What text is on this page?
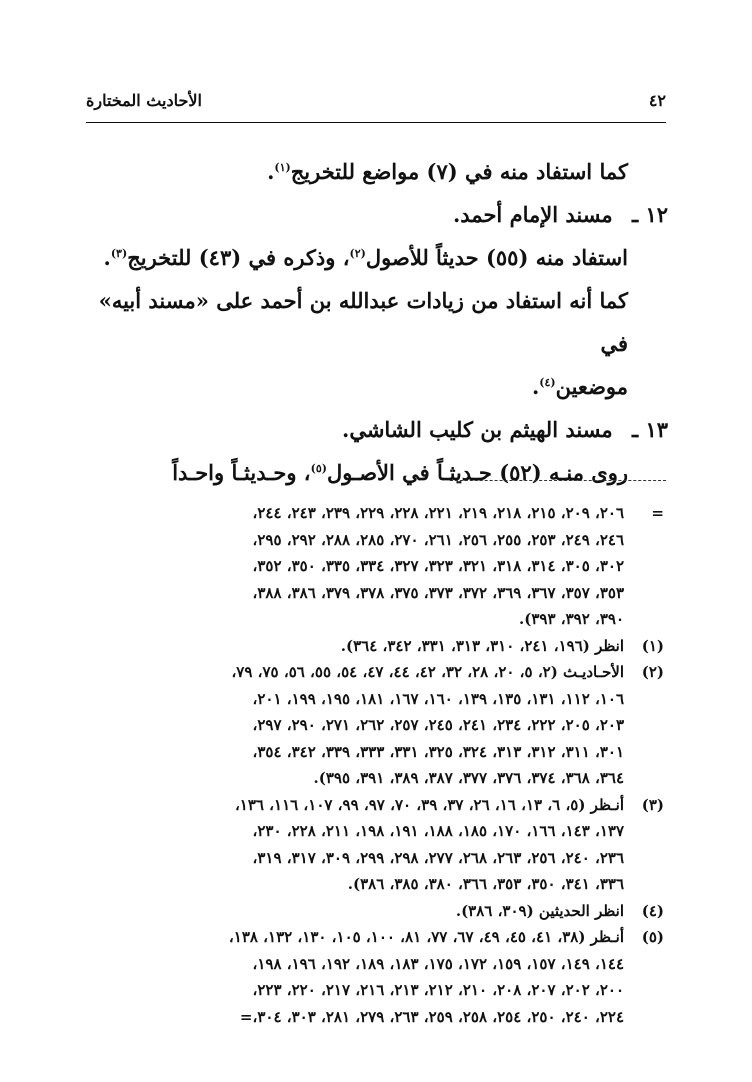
الأحاديث المختارة	٤٢

كما استفاد منه في (٧) مواضع للتخريج$^{(١)}$.

١٢ ـ مسند الإمام أحمد.

استفاد منه (٥٥) حديثاً للأصول$^{(٢)}$، وذكره في (٤٣) للتخريج$^{(٣)}$.

كما أنه استفاد من زيادات عبدالله بن أحمد على «مسند أبيه» في

موضعين$^{(٤)}$.

١٣ ـ مسند الهيثم بن كليب الشاشي.

روى منـه (٥٢) حـديثـاً في الأصـول$^{(٥)}$، وحـديثـاً واحـداً

=
٢٠٦، ٢٠٩، ٢١٥، ٢١٨، ٢١٩، ٢٢١، ٢٢٨، ٢٢٩، ٢٣٩، ٢٤٣، ٢٤٤،
٢٤٦، ٢٤٩، ٢٥٣، ٢٥٥، ٢٥٦، ٢٦١، ٢٧٠، ٢٨٥، ٢٨٨، ٢٩٢، ٢٩٥،
٣٠٢، ٣٠٥، ٣١٤، ٣١٨، ٣٢١، ٣٢٣، ٣٢٧، ٣٣٤، ٣٣٥، ٣٥٠، ٣٥٢،
٣٥٣، ٣٥٧، ٣٦٧، ٣٦٩، ٣٧٢، ٣٧٣، ٣٧٥، ٣٧٨، ٣٧٩، ٣٨٦، ٣٨٨،
٣٩٠، ٣٩٢، ٣٩٣).
(١)
انظر (١٩٦، ٢٤١، ٣١٠، ٣١٣، ٣٣١، ٣٤٢، ٣٦٤).
(٢)
الأحـاديـث (٢، ٥، ٢٠، ٢٨، ٣٢، ٤٢، ٤٤، ٤٧، ٥٤، ٥٥، ٥٦، ٧٥، ٧٩،
١٠٦، ١١٢، ١٣١، ١٣٥، ١٣٩، ١٦٠، ١٦٧، ١٨١، ١٩٥، ١٩٩، ٢٠١،
٢٠٣، ٢٠٥، ٢٢٢، ٢٣٤، ٢٤١، ٢٤٥، ٢٥٧، ٢٦٢، ٢٧١، ٢٩٠، ٢٩٧،
٣٠١، ٣١١، ٣١٢، ٣١٣، ٣٢٤، ٣٢٥، ٣٣١، ٣٣٣، ٣٣٩، ٣٤٢، ٣٥٤،
٣٦٤، ٣٦٨، ٣٧٤، ٣٧٦، ٣٧٧، ٣٨٧، ٣٨٩، ٣٩١، ٣٩٥).
(٣)
أنـظر (٥، ٦، ١٣، ١٦، ٢٦، ٣٧، ٣٩، ٧٠، ٩٧، ٩٩، ١٠٧، ١١٦، ١٣٦،
١٣٧، ١٤٣، ١٦٦، ١٧٠، ١٨٥، ١٨٨، ١٩١، ١٩٨، ٢١١، ٢٢٨، ٢٣٠،
٢٣٦، ٢٤٠، ٢٥٦، ٢٦٣، ٢٦٨، ٢٧٧، ٢٩٨، ٢٩٩، ٣٠٩، ٣١٧، ٣١٩،
٣٣٦، ٣٤١، ٣٥٠، ٣٥٣، ٣٦٦، ٣٨٠، ٣٨٥، ٣٨٦).
(٤)
انظر الحديثين (٣٠٩، ٣٨٦).
(٥)
أنـظر (٣٨، ٤١، ٤٥، ٤٩، ٦٧، ٧٧، ٨١، ١٠٠، ١٠٥، ١٣٠، ١٣٢، ١٣٨،
١٤٤، ١٤٩، ١٥٧، ١٥٩، ١٧٢، ١٧٥، ١٨٣، ١٨٩، ١٩٢، ١٩٦، ١٩٨،
٢٠٠، ٢٠٢، ٢٠٧، ٢٠٨، ٢١٠، ٢١٢، ٢١٣، ٢١٦، ٢١٧، ٢٢٠، ٢٢٣،
٢٢٤، ٢٤٠، ٢٥٠، ٢٥٤، ٢٥٨، ٢٥٩، ٢٦٣، ٢٧٩، ٢٨١، ٣٠٣، ٣٠٤،=
